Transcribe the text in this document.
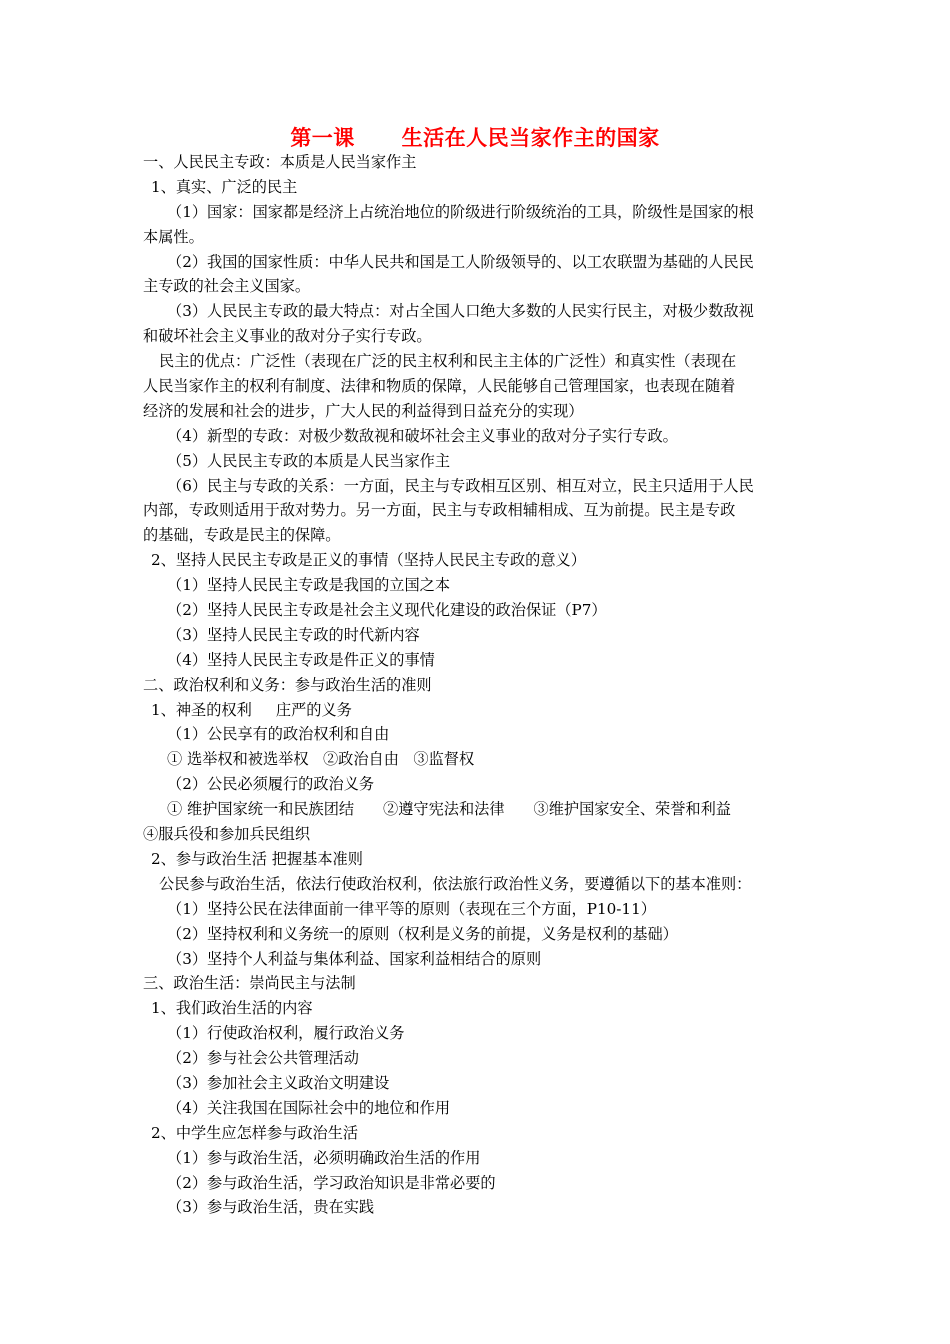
第一课      生活在人民当家作主的国家
一、人民民主专政：本质是人民当家作主
1、真实、广泛的民主
（1）国家：国家都是经济上占统治地位的阶级进行阶级统治的工具，阶级性是国家的根
本属性。
（2）我国的国家性质：中华人民共和国是工人阶级领导的、以工农联盟为基础的人民民
主专政的社会主义国家。
（3）人民民主专政的最大特点：对占全国人口绝大多数的人民实行民主，对极少数敌视
和破坏社会主义事业的敌对分子实行专政。
民主的优点：广泛性（表现在广泛的民主权利和民主主体的广泛性）和真实性（表现在
人民当家作主的权利有制度、法律和物质的保障，人民能够自己管理国家，也表现在随着
经济的发展和社会的进步，广大人民的利益得到日益充分的实现）
（4）新型的专政：对极少数敌视和破坏社会主义事业的敌对分子实行专政。
（5）人民民主专政的本质是人民当家作主
（6）民主与专政的关系：一方面，民主与专政相互区别、相互对立，民主只适用于人民
内部，专政则适用于敌对势力。另一方面，民主与专政相辅相成、互为前提。民主是专政
的基础，专政是民主的保障。
2、坚持人民民主专政是正义的事情（坚持人民民主专政的意义）
（1）坚持人民民主专政是我国的立国之本
（2）坚持人民民主专政是社会主义现代化建设的政治保证（P7）
（3）坚持人民民主专政的时代新内容
（4）坚持人民民主专政是件正义的事情
二、政治权利和义务：参与政治生活的准则
1、神圣的权利     庄严的义务
（1）公民享有的政治权利和自由
① 选举权和被选举权   ②政治自由   ③监督权
（2）公民必须履行的政治义务
① 维护国家统一和民族团结      ②遵守宪法和法律      ③维护国家安全、荣誉和利益
④服兵役和参加兵民组织
2、参与政治生活 把握基本准则
公民参与政治生活，依法行使政治权利，依法旅行政治性义务，要遵循以下的基本准则：
（1）坚持公民在法律面前一律平等的原则（表现在三个方面，P10-11）
（2）坚持权利和义务统一的原则（权利是义务的前提，义务是权利的基础）
（3）坚持个人利益与集体利益、国家利益相结合的原则
三、政治生活：崇尚民主与法制
1、我们政治生活的内容
（1）行使政治权利，履行政治义务
（2）参与社会公共管理活动
（3）参加社会主义政治文明建设
（4）关注我国在国际社会中的地位和作用
2、中学生应怎样参与政治生活
（1）参与政治生活，必须明确政治生活的作用
（2）参与政治生活，学习政治知识是非常必要的
（3）参与政治生活，贵在实践
